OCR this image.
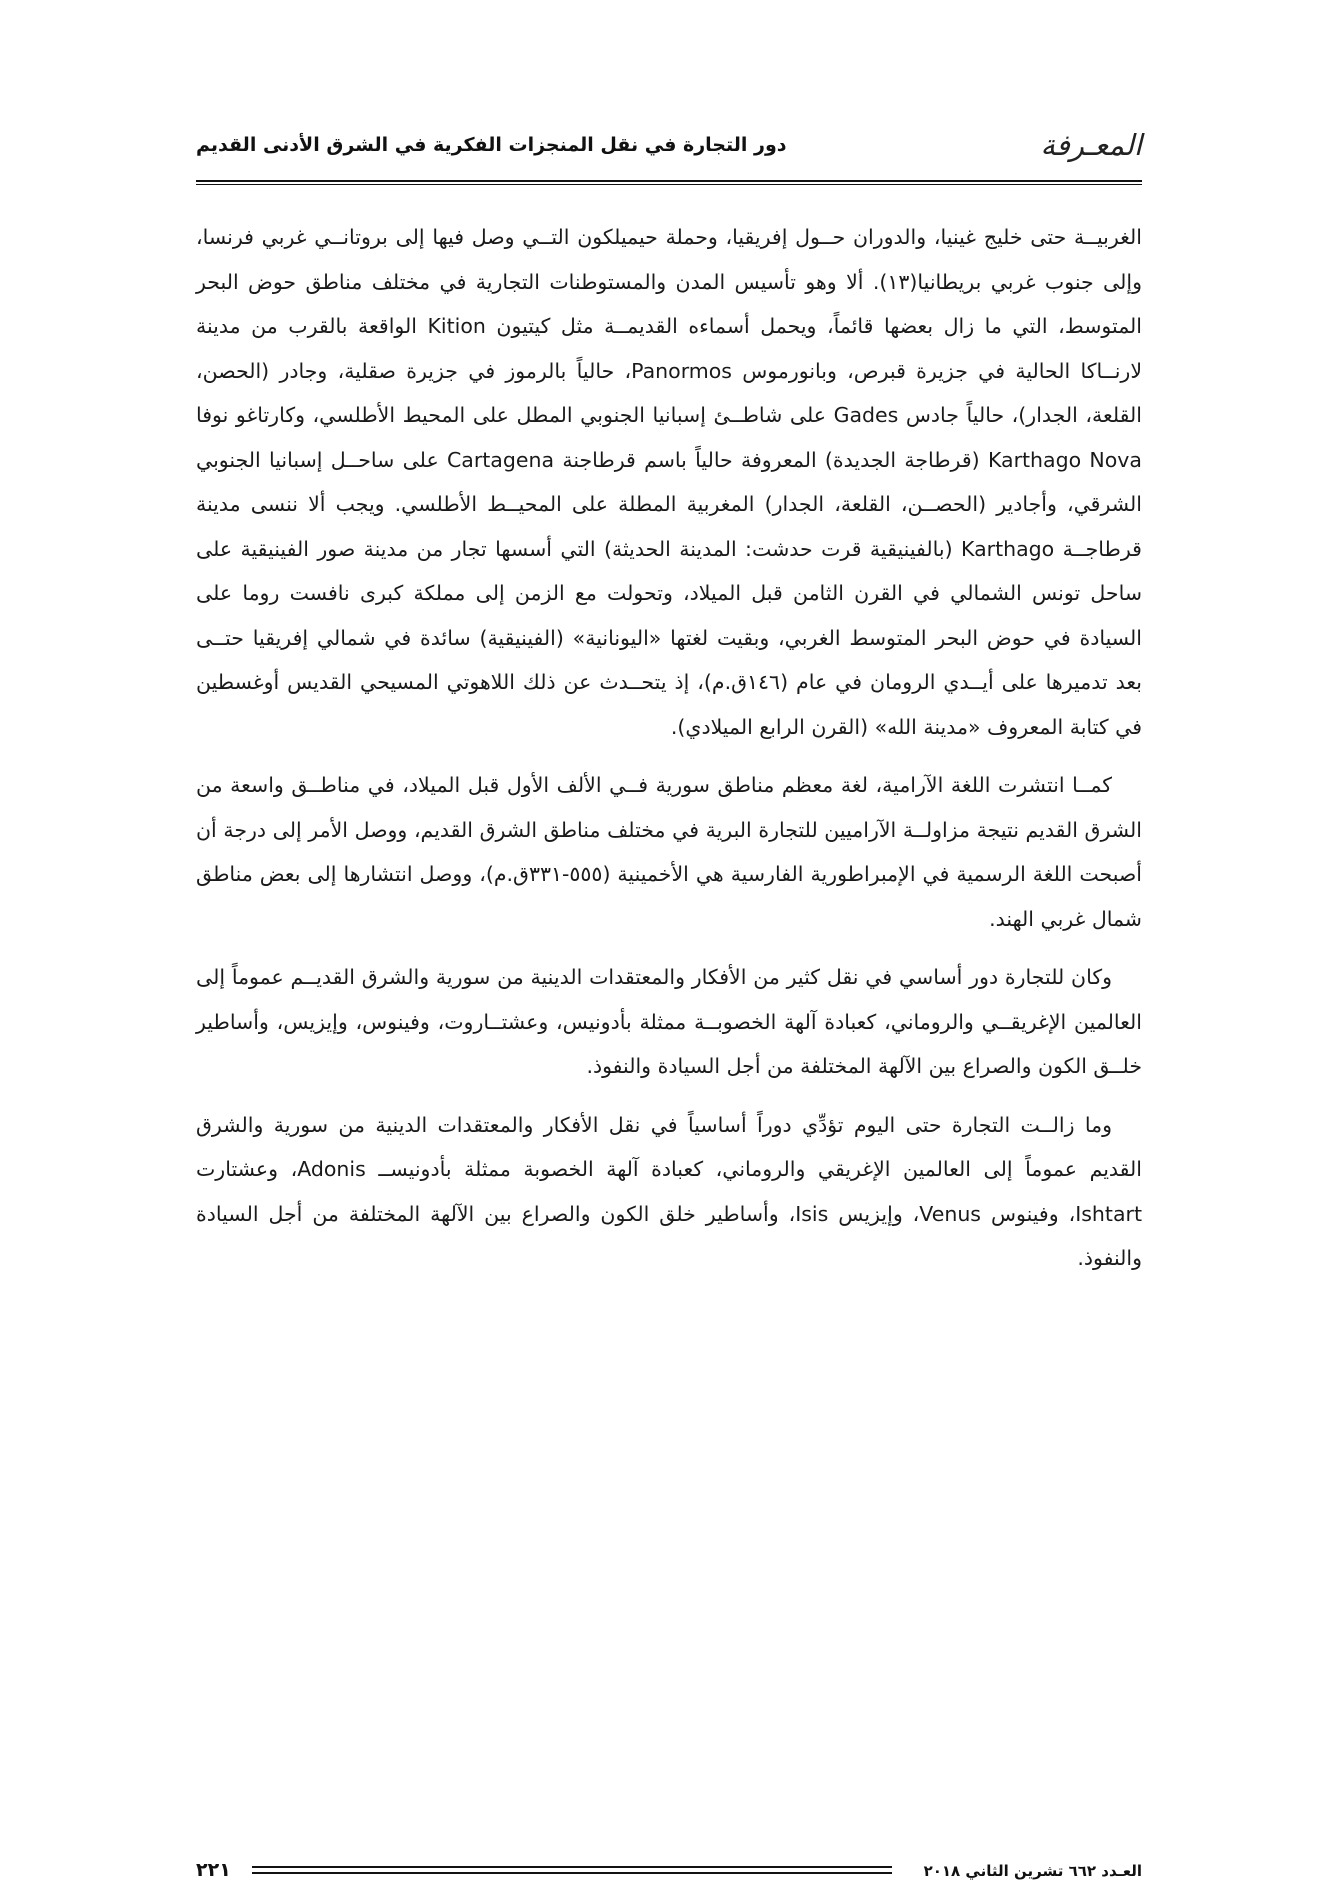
المعـرفة
دور التجارة في نقل المنجزات الفكرية في الشرق الأدنى القديم

الغربيــة حتى خليج غينيا، والدوران حــول إفريقيا، وحملة حيميلكون التــي وصل فيها إلى بروتانــي غربي فرنسا، وإلى جنوب غربي بريطانيا(١٣). ألا وهو تأسيس المدن والمستوطنات التجارية في مختلف مناطق حوض البحر المتوسط، التي ما زال بعضها قائماً، ويحمل أسماءه القديمــة مثل كيتيون Kition الواقعة بالقرب من مدينة لارنــاكا الحالية في جزيرة قبرص، وبانورموس Panormos، حالياً بالرموز في جزيرة صقلية، وجادر (الحصن، القلعة، الجدار)، حالياً جادس Gades على شاطــئ إسبانيا الجنوبي المطل على المحيط الأطلسي، وكارتاغو نوفا Karthago Nova (قرطاجة الجديدة) المعروفة حالياً باسم قرطاجنة Cartagena على ساحــل إسبانيا الجنوبي الشرقي، وأجادير (الحصــن، القلعة، الجدار) المغربية المطلة على المحيــط الأطلسي. ويجب ألا ننسى مدينة قرطاجــة Karthago (بالفينيقية قرت حدشت: المدينة الحديثة) التي أسسها تجار من مدينة صور الفينيقية على ساحل تونس الشمالي في القرن الثامن قبل الميلاد، وتحولت مع الزمن إلى مملكة كبرى نافست روما على السيادة في حوض البحر المتوسط الغربي، وبقيت لغتها «اليونانية» (الفينيقية) سائدة في شمالي إفريقيا حتــى بعد تدميرها على أيــدي الرومان في عام (١٤٦ق.م)، إذ يتحــدث عن ذلك اللاهوتي المسيحي القديس أوغسطين في كتابة المعروف «مدينة الله» (القرن الرابع الميلادي).

كمــا انتشرت اللغة الآرامية، لغة معظم مناطق سورية فــي الألف الأول قبل الميلاد، في مناطــق واسعة من الشرق القديم نتيجة مزاولــة الآراميين للتجارة البرية في مختلف مناطق الشرق القديم، ووصل الأمر إلى درجة أن أصبحت اللغة الرسمية في الإمبراطورية الفارسية هي الأخمينية (٥٥٥-٣٣١ق.م)، ووصل انتشارها إلى بعض مناطق شمال غربي الهند.

وكان للتجارة دور أساسي في نقل كثير من الأفكار والمعتقدات الدينية من سورية والشرق القديــم عموماً إلى العالمين الإغريقــي والروماني، كعبادة آلهة الخصوبــة ممثلة بأدونيس، وعشتــاروت، وفينوس، وإيزيس، وأساطير خلــق الكون والصراع بين الآلهة المختلفة من أجل السيادة والنفوذ.

وما زالــت التجارة حتى اليوم تؤدِّي دوراً أساسياً في نقل الأفكار والمعتقدات الدينية من سورية والشرق القديم عموماً إلى العالمين الإغريقي والروماني، كعبادة آلهة الخصوبة ممثلة بأدونيســ Adonis، وعشتارت Ishtart، وفينوس Venus، وإيزيس Isis، وأساطير خلق الكون والصراع بين الآلهة المختلفة من أجل السيادة والنفوذ.

العـدد ٦٦٢ تشرين الثاني ٢٠١٨
٢٢١
